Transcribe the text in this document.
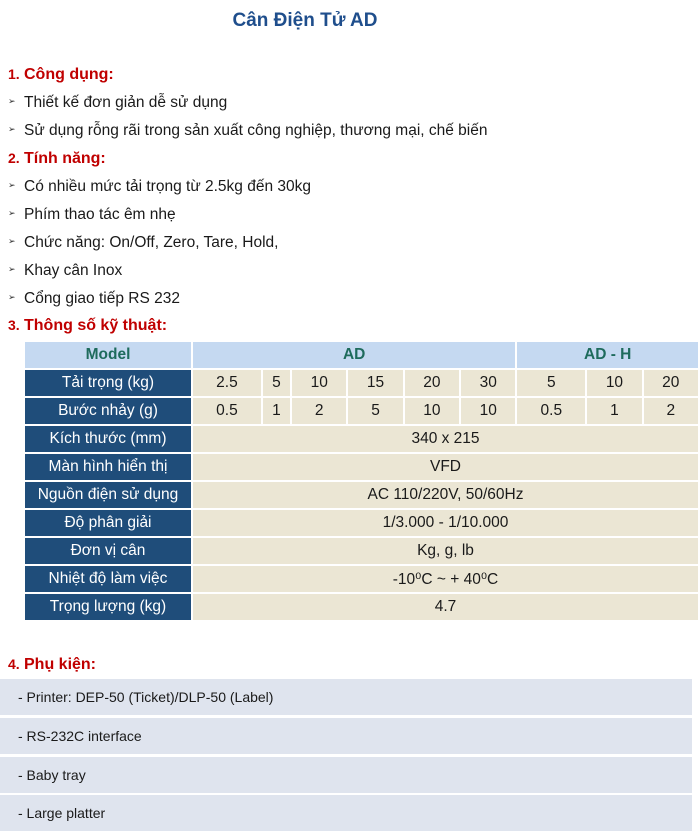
Cân Điện Tử AD
1. Công dụng:
➢ Thiết kế đơn giản dễ sử dụng
➢ Sử dụng rỗng rãi trong sản xuất công nghiệp, thương mại, chế biến
2. Tính năng:
➢ Có nhiều mức tải trọng từ 2.5kg đến 30kg
➢ Phím thao tác êm nhẹ
➢ Chức năng: On/Off, Zero, Tare, Hold,
➢ Khay cân Inox
➢ Cổng giao tiếp RS 232
3. Thông số kỹ thuật:
Model	AD						AD - H		
Tải trọng (kg)	2.5	5	10	15	20	30	5	10	20
Bước nhảy (g)	0.5	1	2	5	10	10	0.5	1	2
Kích thước (mm)	340 x 215								
Màn hình hiển thị	VFD								
Nguồn điện sử dụng	AC 110/220V, 50/60Hz								
Độ phân giải	1/3.000 - 1/10.000								
Đơn vị cân	Kg, g, lb								
Nhiệt độ làm việc	-10⁰C ~ + 40⁰C								
Trọng lượng (kg)	4.7								
4. Phụ kiện:
- Printer: DEP-50 (Ticket)/DLP-50 (Label)
- RS-232C interface
- Baby tray
- Large platter
